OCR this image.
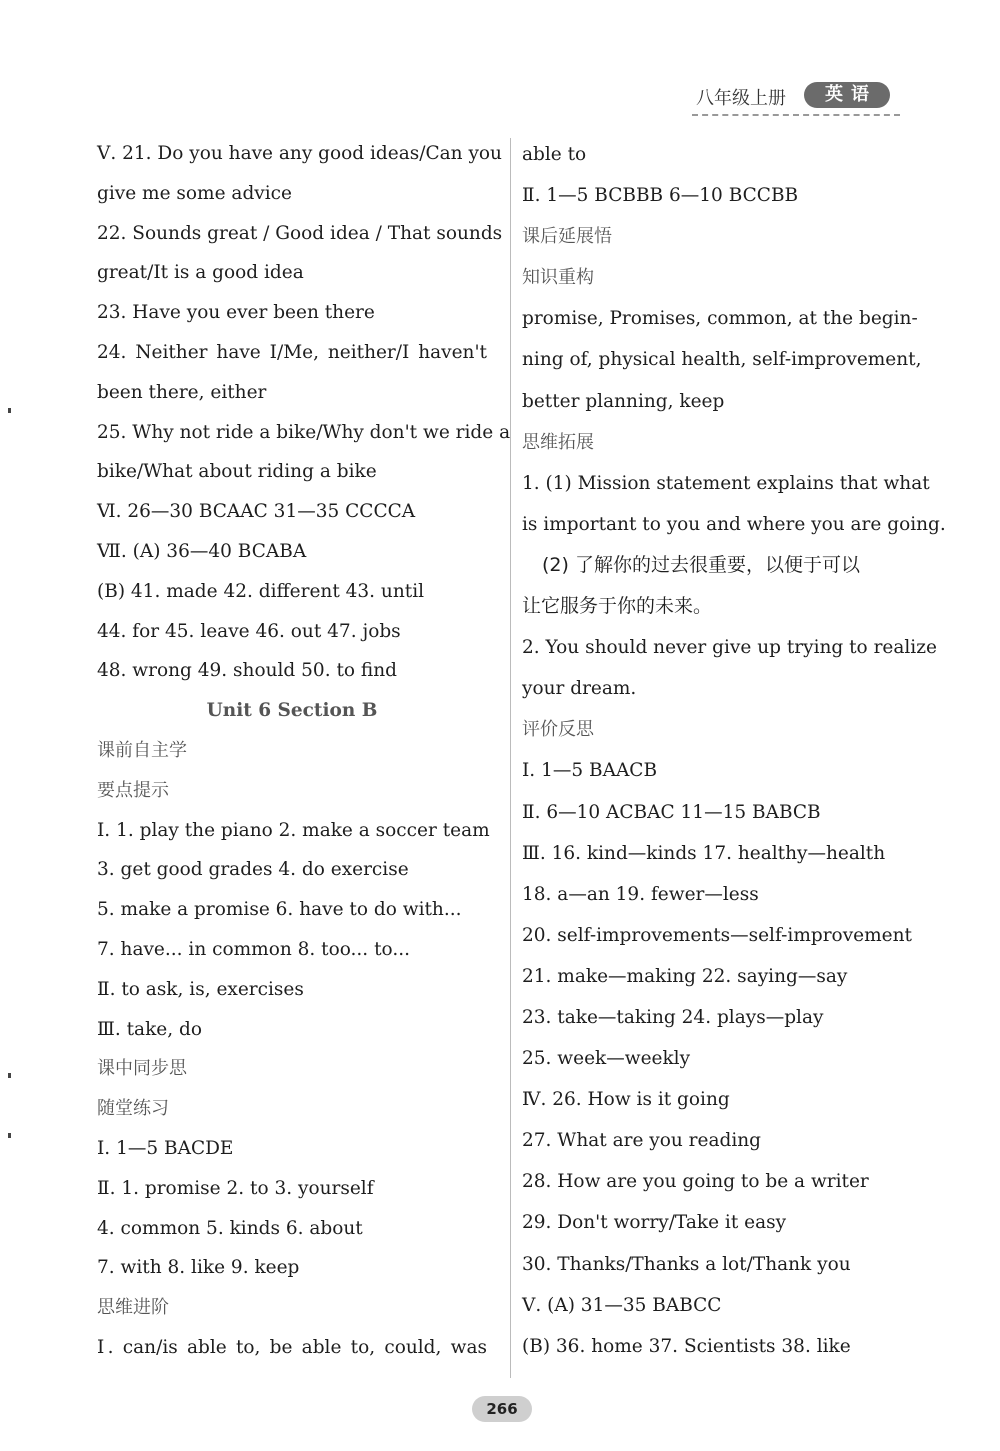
八年级上册	英语
Ⅴ. 21. Do you have any good ideas/Can you
give me some advice
22. Sounds great / Good idea / That sounds
great/It is a good idea
23. Have you ever been there
24. Neither have I/Me, neither/I haven't
been there, either
25. Why not ride a bike/Why don't we ride a
bike/What about riding a bike
Ⅵ. 26—30 BCAAC 31—35 CCCCA
Ⅶ. (A) 36—40 BCABA
(B) 41. made 42. different 43. until
44. for 45. leave 46. out 47. jobs
48. wrong 49. should 50. to find
Unit 6 Section B
课前自主学
要点提示
Ⅰ. 1. play the piano 2. make a soccer team
3. get good grades 4. do exercise
5. make a promise 6. have to do with...
7. have... in common 8. too... to...
Ⅱ. to ask, is, exercises
Ⅲ. take, do
课中同步思
随堂练习
Ⅰ. 1—5 BACDE
Ⅱ. 1. promise 2. to 3. yourself
4. common 5. kinds 6. about
7. with 8. like 9. keep
思维进阶
Ⅰ. can/is able to, be able to, could, was
able to
Ⅱ. 1—5 BCBBB 6—10 BCCBB
课后延展悟
知识重构
promise, Promises, common, at the begin-
ning of, physical health, self-improvement,
better planning, keep
思维拓展
1. (1) Mission statement explains that what
is important to you and where you are going.
(2) 了解你的过去很重要，以便于可以
让它服务于你的未来。
2. You should never give up trying to realize
your dream.
评价反思
Ⅰ. 1—5 BAACB
Ⅱ. 6—10 ACBAC 11—15 BABCB
Ⅲ. 16. kind—kinds 17. healthy—health
18. a—an 19. fewer—less
20. self-improvements—self-improvement
21. make—making 22. saying—say
23. take—taking 24. plays—play
25. week—weekly
Ⅳ. 26. How is it going
27. What are you reading
28. How are you going to be a writer
29. Don't worry/Take it easy
30. Thanks/Thanks a lot/Thank you
Ⅴ. (A) 31—35 BABCC
(B) 36. home 37. Scientists 38. like
266
